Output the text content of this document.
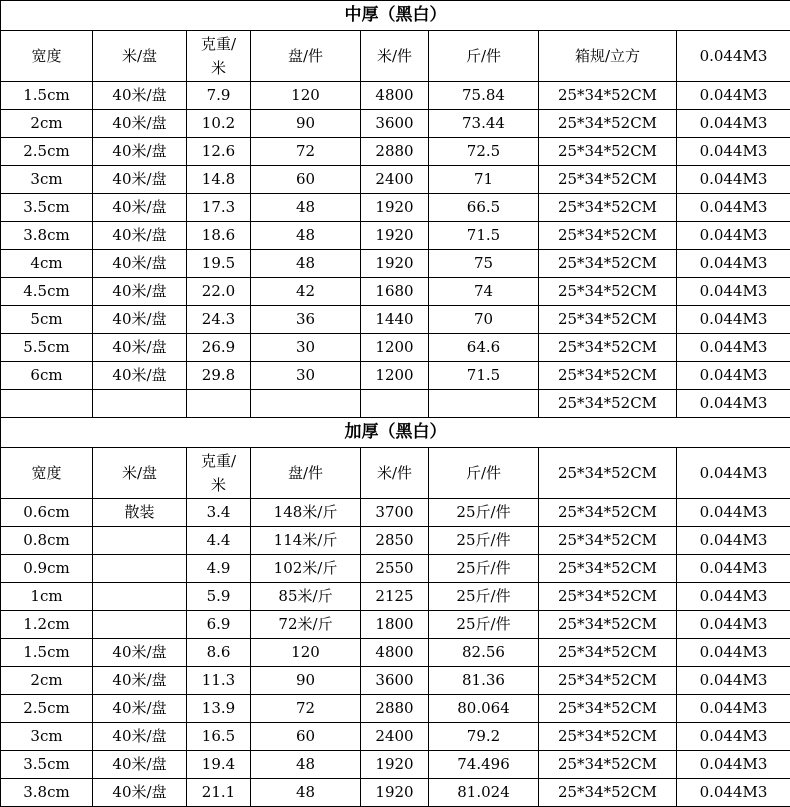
中厚（黑白）							
宽度	米/盘	克重/米	盘/件	米/件	斤/件	箱规/立方	0.044M3
1.5cm	40米/盘	7.9	120	4800	75.84	25*34*52CM	0.044M3
2cm	40米/盘	10.2	90	3600	73.44	25*34*52CM	0.044M3
2.5cm	40米/盘	12.6	72	2880	72.5	25*34*52CM	0.044M3
3cm	40米/盘	14.8	60	2400	71	25*34*52CM	0.044M3
3.5cm	40米/盘	17.3	48	1920	66.5	25*34*52CM	0.044M3
3.8cm	40米/盘	18.6	48	1920	71.5	25*34*52CM	0.044M3
4cm	40米/盘	19.5	48	1920	75	25*34*52CM	0.044M3
4.5cm	40米/盘	22.0	42	1680	74	25*34*52CM	0.044M3
5cm	40米/盘	24.3	36	1440	70	25*34*52CM	0.044M3
5.5cm	40米/盘	26.9	30	1200	64.6	25*34*52CM	0.044M3
6cm	40米/盘	29.8	30	1200	71.5	25*34*52CM	0.044M3
						25*34*52CM	0.044M3
加厚（黑白）							
宽度	米/盘	克重/米	盘/件	米/件	斤/件	25*34*52CM	0.044M3
0.6cm	散装	3.4	148米/斤	3700	25斤/件	25*34*52CM	0.044M3
0.8cm		4.4	114米/斤	2850	25斤/件	25*34*52CM	0.044M3
0.9cm		4.9	102米/斤	2550	25斤/件	25*34*52CM	0.044M3
1cm		5.9	85米/斤	2125	25斤/件	25*34*52CM	0.044M3
1.2cm		6.9	72米/斤	1800	25斤/件	25*34*52CM	0.044M3
1.5cm	40米/盘	8.6	120	4800	82.56	25*34*52CM	0.044M3
2cm	40米/盘	11.3	90	3600	81.36	25*34*52CM	0.044M3
2.5cm	40米/盘	13.9	72	2880	80.064	25*34*52CM	0.044M3
3cm	40米/盘	16.5	60	2400	79.2	25*34*52CM	0.044M3
3.5cm	40米/盘	19.4	48	1920	74.496	25*34*52CM	0.044M3
3.8cm	40米/盘	21.1	48	1920	81.024	25*34*52CM	0.044M3
